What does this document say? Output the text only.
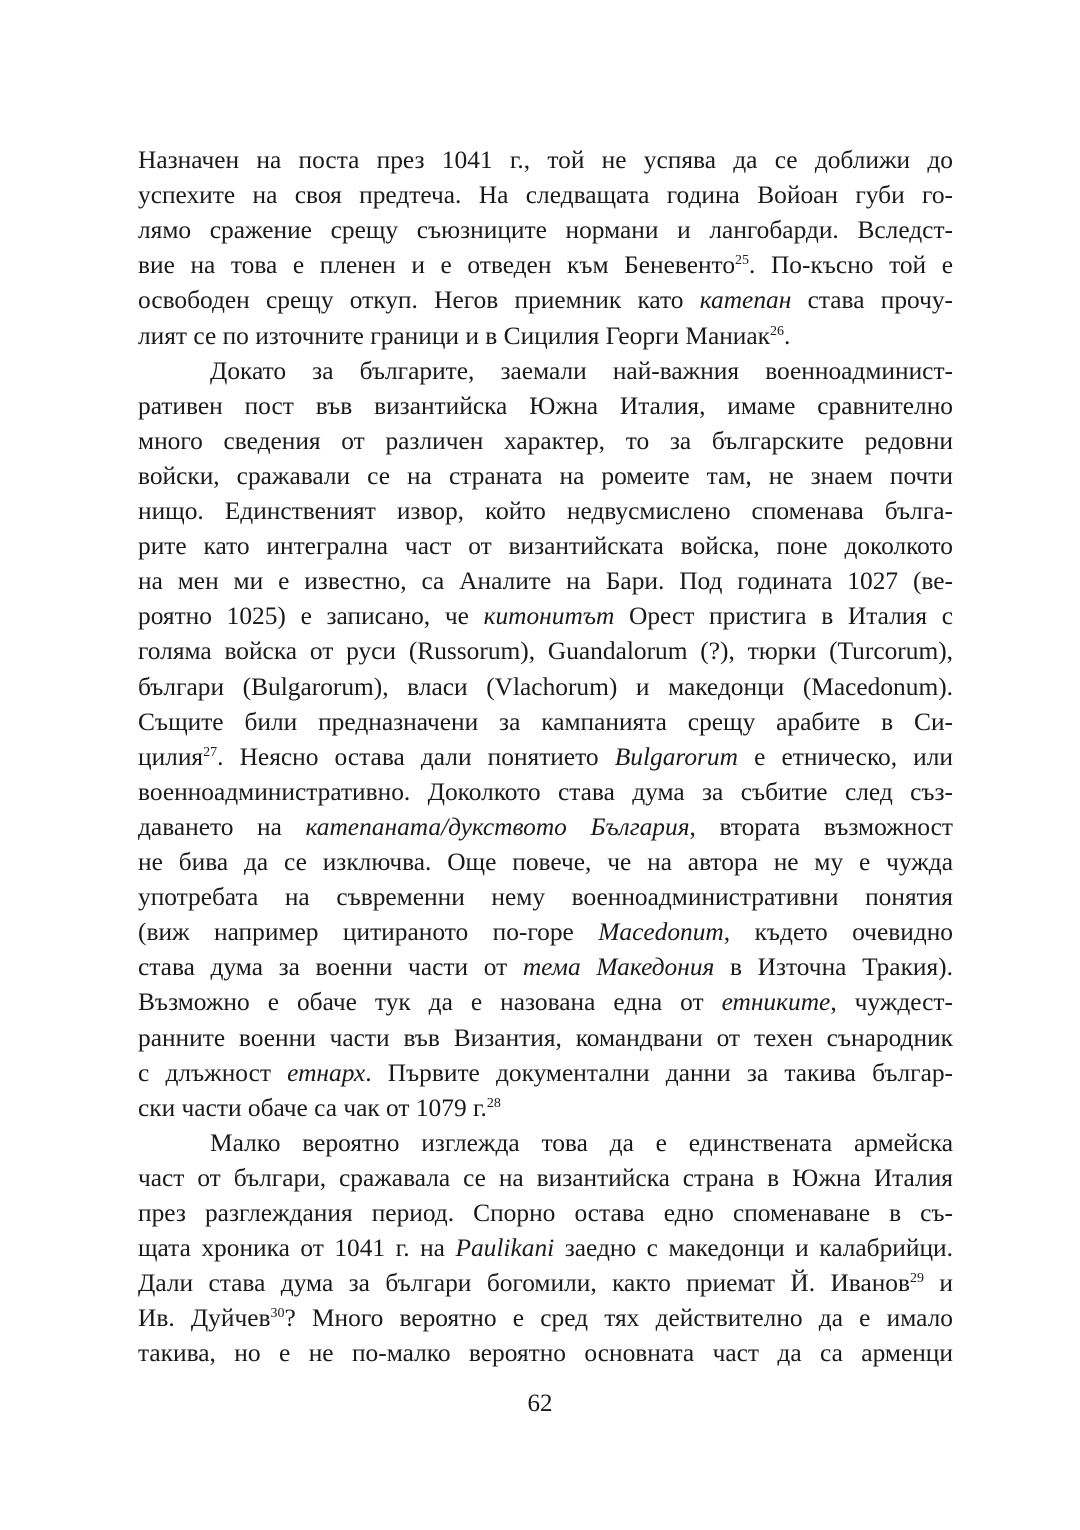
Назначен на поста през 1041 г., той не успява да се доближи до
успехите на своя предтеча. На следващата година Войоан губи го-
лямо сражение срещу съюзниците нормани и лангобарди. Вследст-
вие на това е пленен и е отведен към Беневенто$^{25}$. По-късно той е
освободен срещу откуп. Негов приемник като катепан става прочу-
лият се по източните граници и в Сицилия Георги Маниак$^{26}$.
Докато за българите, заемали най-важния военноадминист-
ративен пост във византийска Южна Италия, имаме сравнително
много сведения от различен характер, то за българските редовни
войски, сражавали се на страната на ромеите там, не знаем почти
нищо. Единственият извор, който недвусмислено споменава бълга-
рите като интегрална част от византийската войска, поне доколкото
на мен ми е известно, са Аналите на Бари. Под годината 1027 (ве-
роятно 1025) е записано, че китонитът Орест пристига в Италия с
голяма войска от руси (Russorum), Guandalorum (?), тюрки (Turcorum),
българи (Bulgarorum), власи (Vlachorum) и македонци (Macedonum).
Същите били предназначени за кампанията срещу арабите в Си-
цилия$^{27}$. Неясно остава дали понятието Bulgarorum е етническо, или
военноадминистративно. Доколкото става дума за събитие след съз-
даването на катепаната/дукството България, втората възможност
не бива да се изключва. Още повече, че на автора не му е чужда
употребата на съвременни нему военноадминистративни понятия
(виж например цитираното по-горе Macedonum, където очевидно
става дума за военни части от тема Македония в Източна Тракия).
Възможно е обаче тук да е назована една от етниките, чуждест-
ранните военни части във Византия, командвани от техен сънародник
с длъжност етнарх. Първите документални данни за такива българ-
ски части обаче са чак от 1079 г.$^{28}$
Малко вероятно изглежда това да е единствената армейска
част от българи, сражавала се на византийска страна в Южна Италия
през разглеждания период. Спорно остава едно споменаване в съ-
щата хроника от 1041 г. на Paulikani заедно с македонци и калабрийци.
Дали става дума за българи богомили, както приемат Й. Иванов$^{29}$ и
Ив. Дуйчев$^{30}$? Много вероятно е сред тях действително да е имало
такива, но е не по-малко вероятно основната част да са арменци
62
